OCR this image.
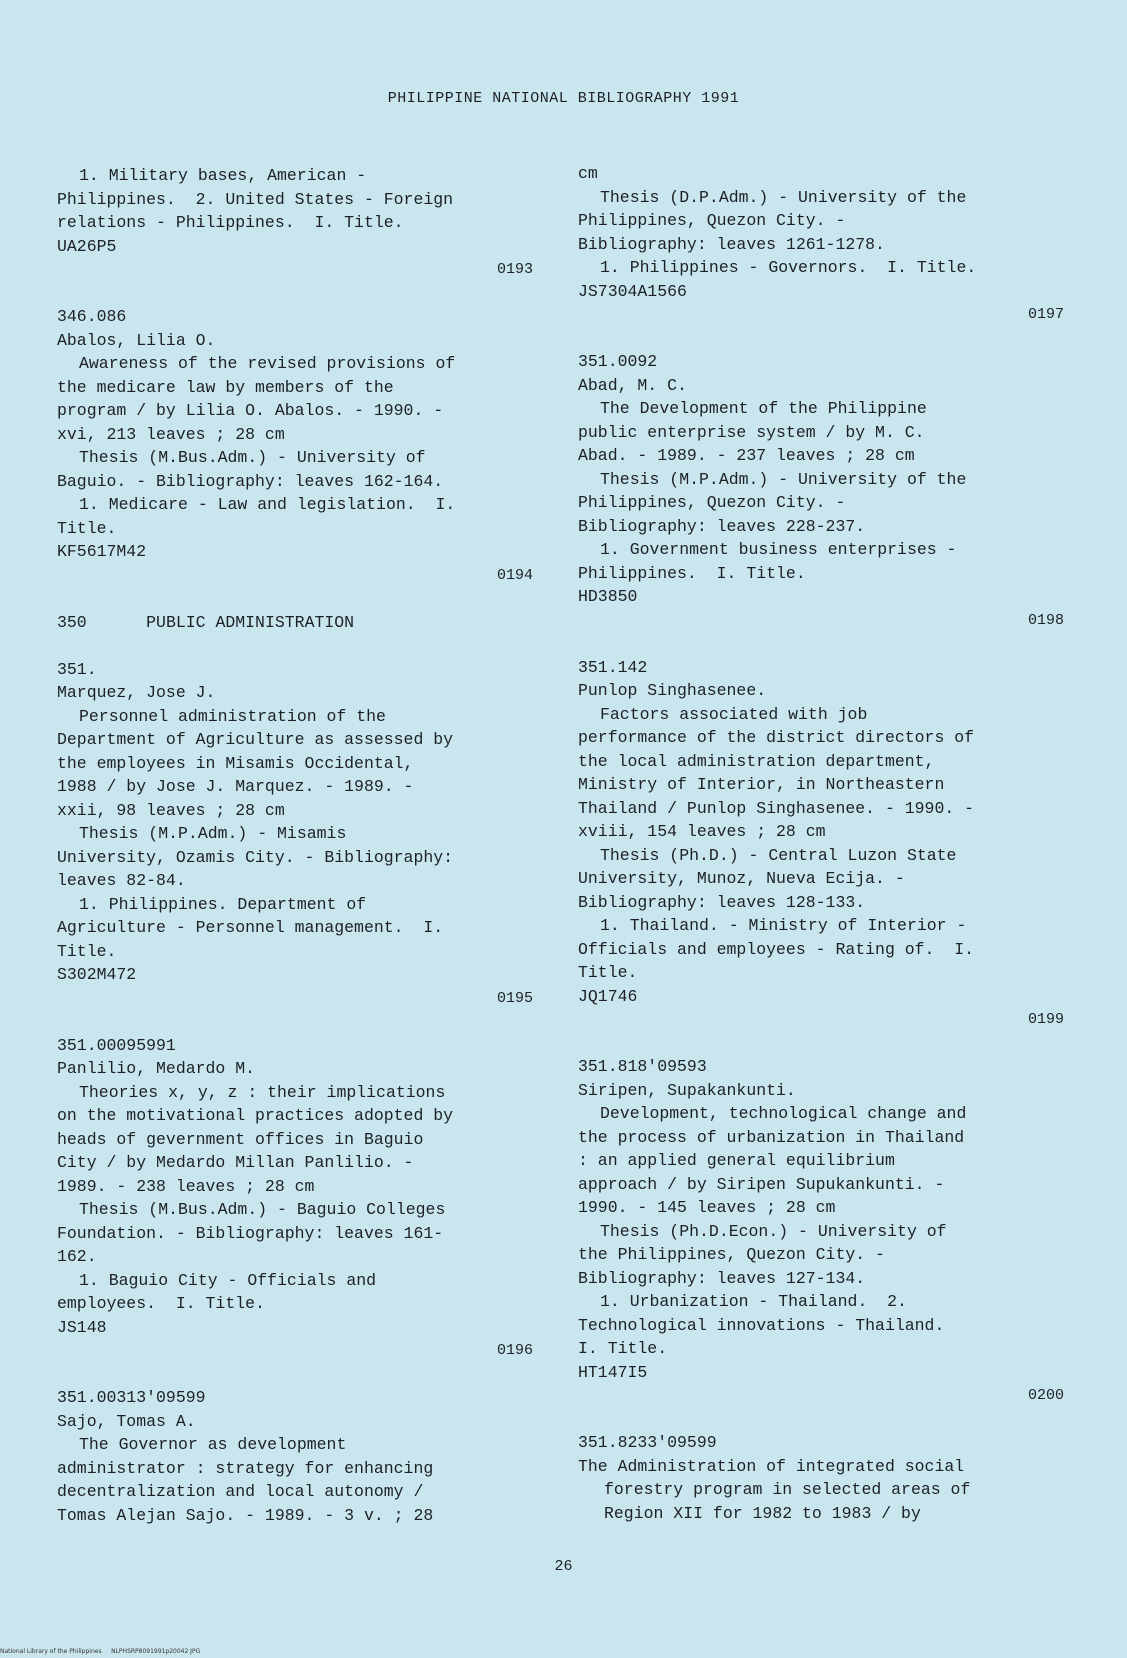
PHILIPPINE NATIONAL BIBLIOGRAPHY 1991
1. Military bases, American -
Philippines.  2. United States - Foreign
relations - Philippines.  I. Title.
UA26P5
0193
346.086
Abalos, Lilia O.
Awareness of the revised provisions of
the medicare law by members of the
program / by Lilia O. Abalos. - 1990. -
xvi, 213 leaves ; 28 cm
Thesis (M.Bus.Adm.) - University of
Baguio. - Bibliography: leaves 162-164.
1. Medicare - Law and legislation.  I.
Title.
KF5617M42
0194
350	PUBLIC ADMINISTRATION
351.
Marquez, Jose J.
Personnel administration of the
Department of Agriculture as assessed by
the employees in Misamis Occidental,
1988 / by Jose J. Marquez. - 1989. -
xxii, 98 leaves ; 28 cm
Thesis (M.P.Adm.) - Misamis
University, Ozamis City. - Bibliography:
leaves 82-84.
1. Philippines. Department of
Agriculture - Personnel management.  I.
Title.
S302M472
0195
351.00095991
Panlilio, Medardo M.
Theories x, y, z : their implications
on the motivational practices adopted by
heads of gevernment offices in Baguio
City / by Medardo Millan Panlilio. -
1989. - 238 leaves ; 28 cm
Thesis (M.Bus.Adm.) - Baguio Colleges
Foundation. - Bibliography: leaves 161-
162.
1. Baguio City - Officials and
employees.  I. Title.
JS148
0196
351.00313'09599
Sajo, Tomas A.
The Governor as development
administrator : strategy for enhancing
decentralization and local autonomy /
Tomas Alejan Sajo. - 1989. - 3 v. ; 28
cm
Thesis (D.P.Adm.) - University of the
Philippines, Quezon City. -
Bibliography: leaves 1261-1278.
1. Philippines - Governors.  I. Title.
JS7304A1566
0197
351.0092
Abad, M. C.
The Development of the Philippine
public enterprise system / by M. C.
Abad. - 1989. - 237 leaves ; 28 cm
Thesis (M.P.Adm.) - University of the
Philippines, Quezon City. -
Bibliography: leaves 228-237.
1. Government business enterprises -
Philippines.  I. Title.
HD3850
0198
351.142
Punlop Singhasenee.
Factors associated with job
performance of the district directors of
the local administration department,
Ministry of Interior, in Northeastern
Thailand / Punlop Singhasenee. - 1990. -
xviii, 154 leaves ; 28 cm
Thesis (Ph.D.) - Central Luzon State
University, Munoz, Nueva Ecija. -
Bibliography: leaves 128-133.
1. Thailand. - Ministry of Interior -
Officials and employees - Rating of.  I.
Title.
JQ1746
0199
351.818'09593
Siripen, Supakankunti.
Development, technological change and
the process of urbanization in Thailand
: an applied general equilibrium
approach / by Siripen Supukankunti. -
1990. - 145 leaves ; 28 cm
Thesis (Ph.D.Econ.) - University of
the Philippines, Quezon City. -
Bibliography: leaves 127-134.
1. Urbanization - Thailand.  2.
Technological innovations - Thailand.
I. Title.
HT147I5
0200
351.8233'09599
The Administration of integrated social
forestry program in selected areas of
Region XII for 1982 to 1983 / by
26
National Library of the Philippines     NLPHSRP8091991p20042 JPG
